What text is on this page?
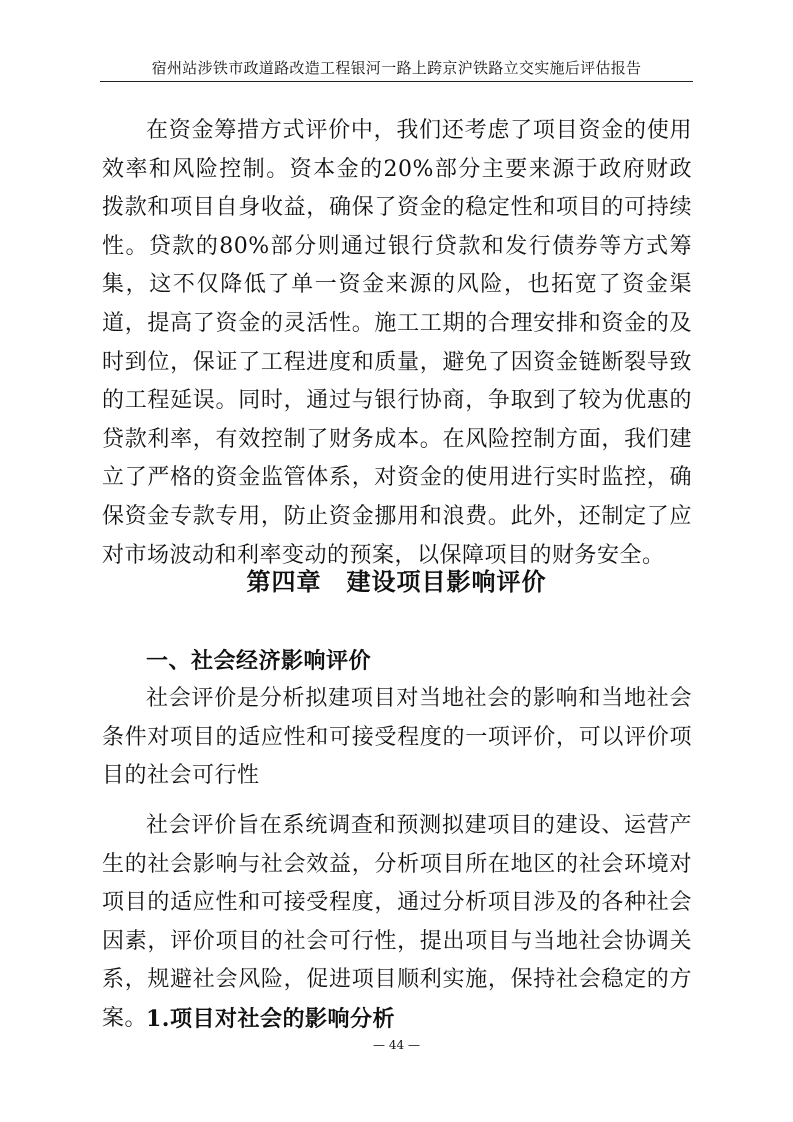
宿州站涉铁市政道路改造工程银河一路上跨京沪铁路立交实施后评估报告

在资金筹措方式评价中，我们还考虑了项目资金的使用效率和风险控制。资本金的20%部分主要来源于政府财政拨款和项目自身收益，确保了资金的稳定性和项目的可持续性。贷款的80%部分则通过银行贷款和发行债券等方式筹集，这不仅降低了单一资金来源的风险，也拓宽了资金渠道，提高了资金的灵活性。施工工期的合理安排和资金的及时到位，保证了工程进度和质量，避免了因资金链断裂导致的工程延误。同时，通过与银行协商，争取到了较为优惠的贷款利率，有效控制了财务成本。在风险控制方面，我们建立了严格的资金监管体系，对资金的使用进行实时监控，确保资金专款专用，防止资金挪用和浪费。此外，还制定了应对市场波动和利率变动的预案，以保障项目的财务安全。

第四章　建设项目影响评价
一、社会经济影响评价

社会评价是分析拟建项目对当地社会的影响和当地社会条件对项目的适应性和可接受程度的一项评价，可以评价项目的社会可行性

社会评价旨在系统调查和预测拟建项目的建设、运营产生的社会影响与社会效益，分析项目所在地区的社会环境对项目的适应性和可接受程度，通过分析项目涉及的各种社会因素，评价项目的社会可行性，提出项目与当地社会协调关系，规避社会风险，促进项目顺利实施，保持社会稳定的方案。

1.项目对社会的影响分析
— 44 —
